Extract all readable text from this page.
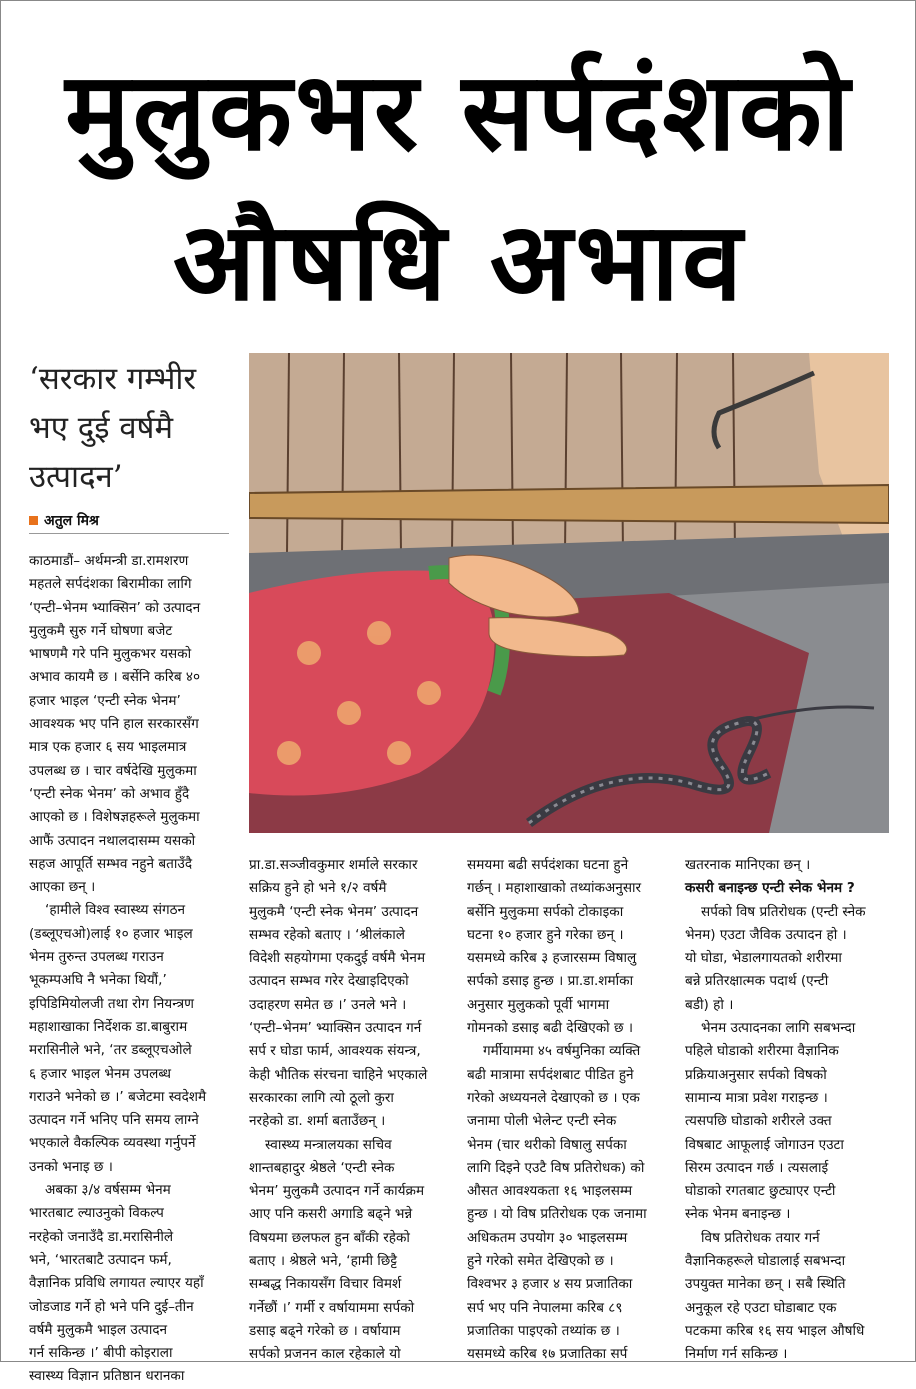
मुलुकभर सर्पदंशको
औषधि अभाव
‘सरकार गम्भीर
भए दुई वर्षमै
उत्पादन’
अतुल मिश्र

काठमाडौं– अर्थमन्त्री डा.रामशरण

महतले सर्पदंशका बिरामीका लागि

‘एन्टी–भेनम भ्याक्सिन’ को उत्पादन

मुलुकमै सुरु गर्ने घोषणा बजेट

भाषणमै गरे पनि मुलुकभर यसको

अभाव कायमै छ । बर्सेनि करिब ४०

हजार भाइल ‘एन्टी स्नेक भेनम’

आवश्यक भए पनि हाल सरकारसँग

मात्र एक हजार ६ सय भाइलमात्र

उपलब्ध छ । चार वर्षदेखि मुलुकमा

‘एन्टी स्नेक भेनम’ को अभाव हुँदै

आएको छ । विशेषज्ञहरूले मुलुकमा

आफैं उत्पादन नथालदासम्म यसको

सहज आपूर्ति सम्भव नहुने बताउँदै

आएका छन् ।

‘हामीले विश्व स्वास्थ्य संगठन

(डब्लूएचओ)लाई १० हजार भाइल

भेनम तुरुन्त उपलब्ध गराउन

भूकम्पअघि नै भनेका थियौं,’

इपिडिमियोलजी तथा रोग नियन्त्रण

महाशाखाका निर्देशक डा.बाबुराम

मरासिनीले भने, ‘तर डब्लूएचओले

६ हजार भाइल भेनम उपलब्ध

गराउने भनेको छ ।’ बजेटमा स्वदेशमै

उत्पादन गर्ने भनिए पनि समय लाग्ने

भएकाले वैकल्पिक व्यवस्था गर्नुपर्ने

उनको भनाइ छ ।

अबका ३/४ वर्षसम्म भेनम

भारतबाट ल्याउनुको विकल्प

नरहेको जनाउँदै डा.मरासिनीले

भने, ‘भारतबाटै उत्पादन फर्म,

वैज्ञानिक प्रविधि लगायत ल्याएर यहाँ

जोडजाड गर्ने हो भने पनि दुई–तीन

वर्षमै मुलुकमै भाइल उत्पादन

गर्न सकिन्छ ।’ बीपी कोइराला

स्वास्थ्य विज्ञान प्रतिष्ठान धरानका

प्रा.डा.सञ्जीवकुमार शर्माले सरकार

सक्रिय हुने हो भने १/२ वर्षमै

मुलुकमै ‘एन्टी स्नेक भेनम’ उत्पादन

सम्भव रहेको बताए । ‘श्रीलंकाले

विदेशी सहयोगमा एकदुई वर्षमै भेनम

उत्पादन सम्भव गरेर देखाइदिएको

उदाहरण समेत छ ।’ उनले भने ।

‘एन्टी–भेनम’ भ्याक्सिन उत्पादन गर्न

सर्प र घोडा फार्म, आवश्यक संयन्त्र,

केही भौतिक संरचना चाहिने भएकाले

सरकारका लागि त्यो ठूलो कुरा

नरहेको डा. शर्मा बताउँछन् ।

स्वास्थ्य मन्त्रालयका सचिव

शान्तबहादुर श्रेष्ठले ‘एन्टी स्नेक

भेनम’ मुलुकमै उत्पादन गर्ने कार्यक्रम

आए पनि कसरी अगाडि बढ्ने भन्ने

विषयमा छलफल हुन बाँकी रहेको

बताए । श्रेष्ठले भने, ‘हामी छिट्टै

सम्बद्ध निकायसँग विचार विमर्श

गर्नेछौं ।’ गर्मी र वर्षायाममा सर्पको

डसाइ बढ्ने गरेको छ । वर्षायाम

सर्पको प्रजनन काल रहेकाले यो

समयमा बढी सर्पदंशका घटना हुने

गर्छन् । महाशाखाको तथ्यांकअनुसार

बर्सेनि मुलुकमा सर्पको टोकाइका

घटना १० हजार हुने गरेका छन् ।

यसमध्ये करिब ३ हजारसम्म विषालु

सर्पको डसाइ हुन्छ । प्रा.डा.शर्माका

अनुसार मुलुकको पूर्वी भागमा

गोमनको डसाइ बढी देखिएको छ ।

गर्मीयाममा ४५ वर्षमुनिका व्यक्ति

बढी मात्रामा सर्पदंशबाट पीडित हुने

गरेको अध्ययनले देखाएको छ । एक

जनामा पोली भेलेन्ट एन्टी स्नेक

भेनम (चार थरीको विषालु सर्पका

लागि दिइने एउटै विष प्रतिरोधक) को

औसत आवश्यकता १६ भाइलसम्म

हुन्छ । यो विष प्रतिरोधक एक जनामा

अधिकतम उपयोग ३० भाइलसम्म

हुने गरेको समेत देखिएको छ ।

विश्वभर ३ हजार ४ सय प्रजातिका

सर्प भए पनि नेपालमा करिब ८९

प्रजातिका पाइएको तथ्यांक छ ।

यसमध्ये करिब १७ प्रजातिका सर्प

खतरनाक मानिएका छन् ।

कसरी बनाइन्छ एन्टी स्नेक भेनम ?

सर्पको विष प्रतिरोधक (एन्टी स्नेक

भेनम) एउटा जैविक उत्पादन हो ।

यो घोडा, भेडालगायतको शरीरमा

बन्ने प्रतिरक्षात्मक पदार्थ (एन्टी

बडी) हो ।

भेनम उत्पादनका लागि सबभन्दा

पहिले घोडाको शरीरमा वैज्ञानिक

प्रक्रियाअनुसार सर्पको विषको

सामान्य मात्रा प्रवेश गराइन्छ ।

त्यसपछि घोडाको शरीरले उक्त

विषबाट आफूलाई जोगाउन एउटा

सिरम उत्पादन गर्छ । त्यसलाई

घोडाको रगतबाट छुट्याएर एन्टी

स्नेक भेनम बनाइन्छ ।

विष प्रतिरोधक तयार गर्न

वैज्ञानिकहरूले घोडालाई सबभन्दा

उपयुक्त मानेका छन् । सबै स्थिति

अनुकूल रहे एउटा घोडाबाट एक

पटकमा करिब १६ सय भाइल औषधि

निर्माण गर्न सकिन्छ ।
